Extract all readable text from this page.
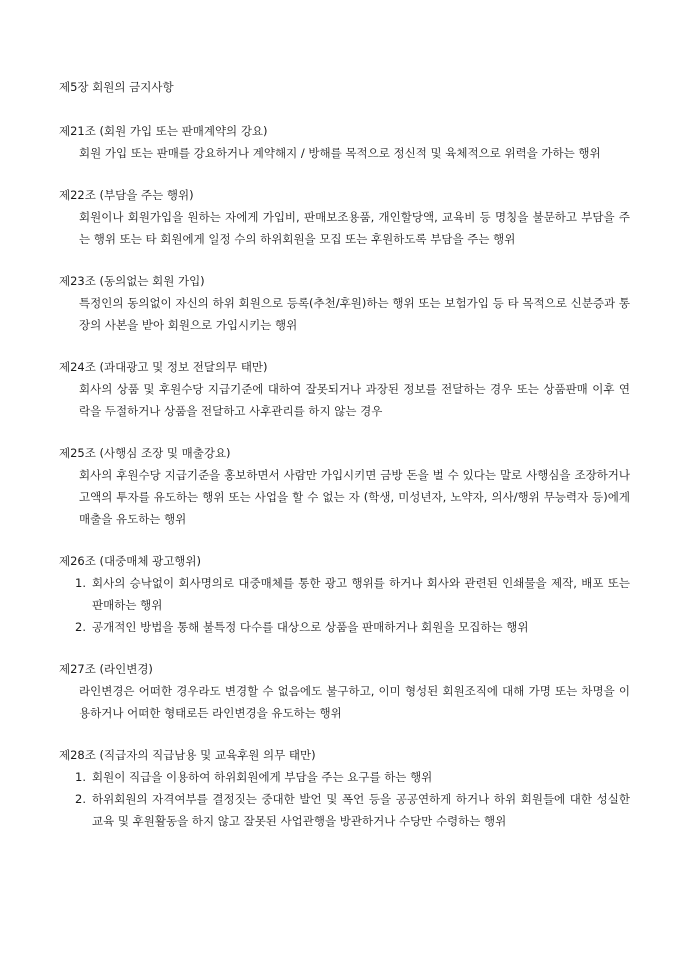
제5장 회원의 금지사항

제21조 (회원 가입 또는 판매계약의 강요)

회원 가입 또는 판매를 강요하거나 계약해지 / 방해를 목적으로 정신적 및 육체적으로 위력을 가하는 행위

제22조 (부담을 주는 행위)

회원이나 회원가입을 원하는 자에게 가입비, 판매보조용품, 개인할당액, 교육비 등 명칭을 불문하고 부담을 주는 행위 또는 타 회원에게 일정 수의 하위회원을 모집 또는 후원하도록 부담을 주는 행위

제23조 (동의없는 회원 가입)

특정인의 동의없이 자신의 하위 회원으로 등록(추천/후원)하는 행위 또는 보험가입 등 타 목적으로 신분증과 통장의 사본을 받아 회원으로 가입시키는 행위

제24조 (과대광고 및 정보 전달의무 태만)

회사의 상품 및 후원수당 지급기준에 대하여 잘못되거나 과장된 정보를 전달하는 경우 또는 상품판매 이후 연락을 두절하거나 상품을 전달하고 사후관리를 하지 않는 경우

제25조 (사행심 조장 및 매출강요)

회사의 후원수당 지급기준을 홍보하면서 사람만 가입시키면 금방 돈을 벌 수 있다는 말로 사행심을 조장하거나 고액의 투자를 유도하는 행위 또는 사업을 할 수 없는 자 (학생, 미성년자, 노약자, 의사/행위 무능력자 등)에게 매출을 유도하는 행위

제26조 (대중매체 광고행위)

1. 회사의 승낙없이 회사명의로 대중매체를 통한 광고 행위를 하거나 회사와 관련된 인쇄물을 제작, 배포 또는 판매하는 행위
2. 공개적인 방법을 통해 불특정 다수를 대상으로 상품을 판매하거나 회원을 모집하는 행위

제27조 (라인변경)

라인변경은 어떠한 경우라도 변경할 수 없음에도 불구하고, 이미 형성된 회원조직에 대해 가명 또는 차명을 이용하거나 어떠한 형태로든 라인변경을 유도하는 행위

제28조 (직급자의 직급남용 및 교육후원 의무 태만)

1. 회원이 직급을 이용하여 하위회원에게 부담을 주는 요구를 하는 행위
2. 하위회원의 자격여부를 결정짓는 중대한 발언 및 폭언 등을 공공연하게 하거나 하위 회원들에 대한 성실한 교육 및 후원활동을 하지 않고 잘못된 사업관행을 방관하거나 수당만 수령하는 행위
